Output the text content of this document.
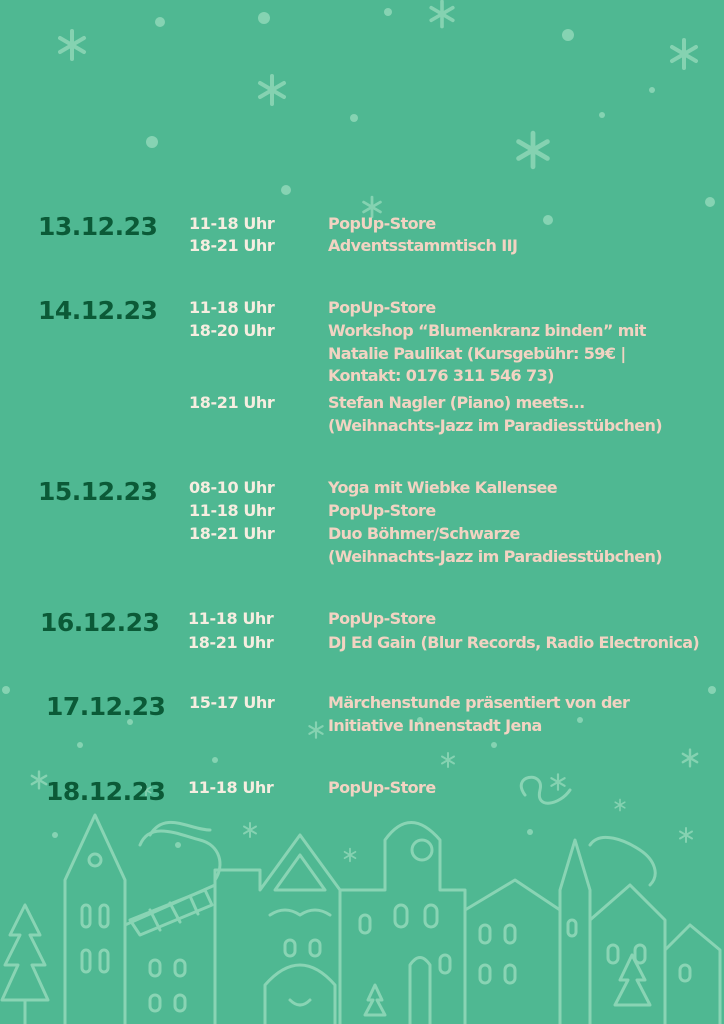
13.12.23 11-18 Uhr	PopUp-Store
18-21 Uhr	Adventsstammtisch IIJ
14.12.23 11-18 Uhr	PopUp-Store
18-20 Uhr	Workshop “Blumenkranz binden” mit
Natalie Paulikat (Kursgebühr: 59€ |
Kontakt: 0176 311 546 73)
18-21 Uhr	Stefan Nagler (Piano) meets...
(Weihnachts-Jazz im Paradiesstübchen)
15.12.23 08-10 Uhr	Yoga mit Wiebke Kallensee
11-18 Uhr	PopUp-Store
18-21 Uhr	Duo Böhmer/Schwarze
(Weihnachts-Jazz im Paradiesstübchen)
16.12.23 11-18 Uhr	PopUp-Store
18-21 Uhr	DJ Ed Gain (Blur Records, Radio Electronica)
17.12.23 15-17 Uhr	Märchenstunde präsentiert von der
Initiative Innenstadt Jena
18.12.23 11-18 Uhr	PopUp-Store
